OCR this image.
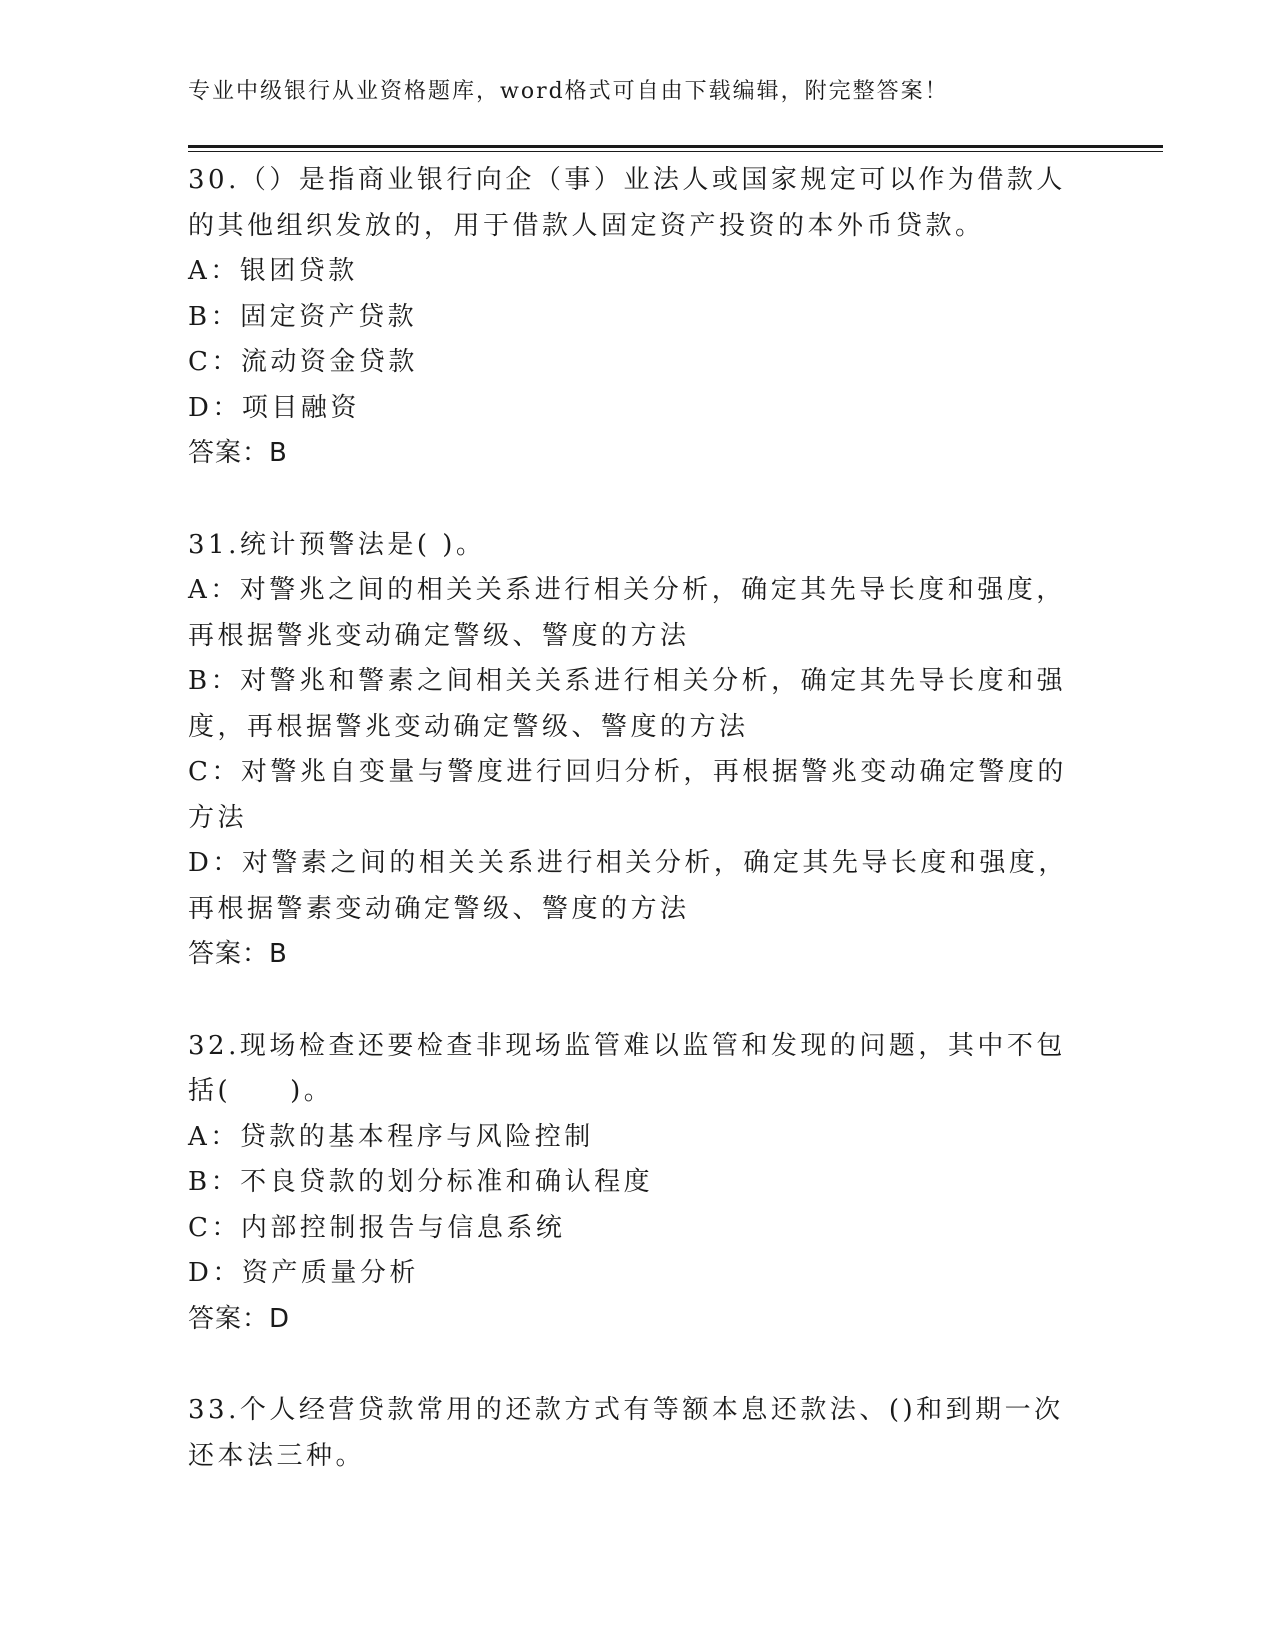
专业中级银行从业资格题库，word格式可自由下载编辑，附完整答案！
30.（）是指商业银行向企（事）业法人或国家规定可以作为借款人的其他组织发放的，用于借款人固定资产投资的本外币贷款。
A：银团贷款
B：固定资产贷款
C：流动资金贷款
D：项目融资
答案：B
31.统计预警法是( )。
A：对警兆之间的相关关系进行相关分析，确定其先导长度和强度，再根据警兆变动确定警级、警度的方法
B：对警兆和警素之间相关关系进行相关分析，确定其先导长度和强度，再根据警兆变动确定警级、警度的方法
C：对警兆自变量与警度进行回归分析，再根据警兆变动确定警度的方法
D：对警素之间的相关关系进行相关分析，确定其先导长度和强度，再根据警素变动确定警级、警度的方法
答案：B
32.现场检查还要检查非现场监管难以监管和发现的问题，其中不包括(　　)。
A：贷款的基本程序与风险控制
B：不良贷款的划分标准和确认程度
C：内部控制报告与信息系统
D：资产质量分析
答案：D
33.个人经营贷款常用的还款方式有等额本息还款法、()和到期一次还本法三种。
